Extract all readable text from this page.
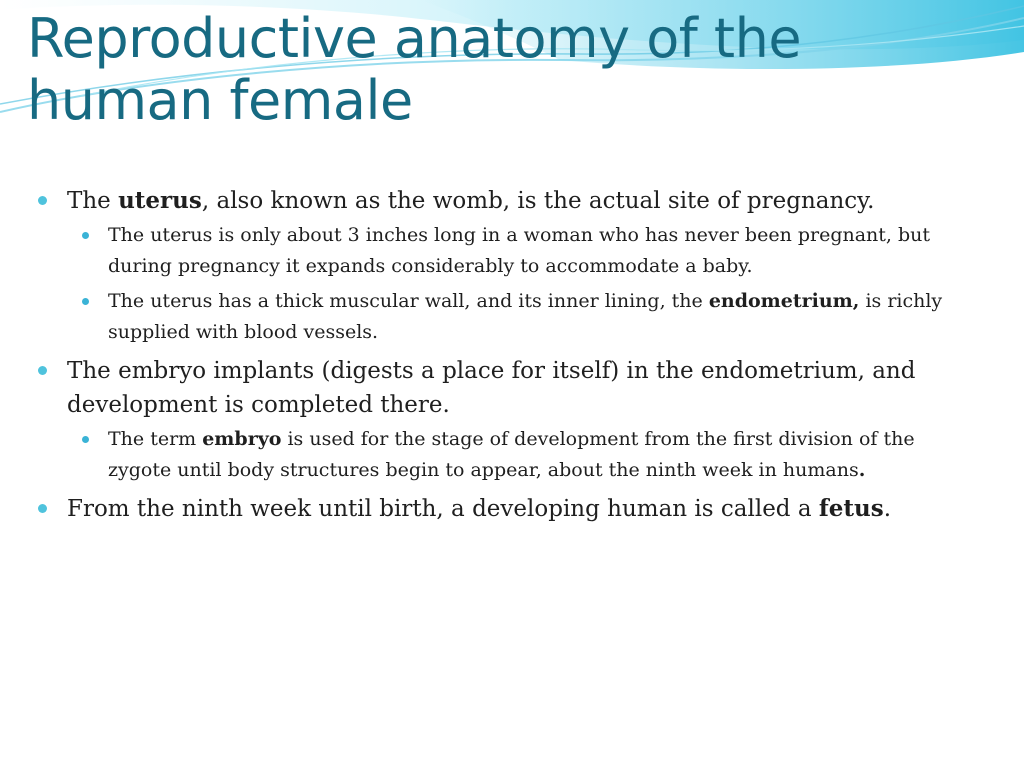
Reproductive anatomy of the
human female
The uterus, also known as the womb, is the actual site of pregnancy.
The uterus is only about 3 inches long in a woman who has never been pregnant, but during pregnancy it expands considerably to accommodate a baby.
The uterus has a thick muscular wall, and its inner lining, the endometrium, is richly supplied with blood vessels.
The embryo implants (digests a place for itself) in the endometrium, and development is completed there.
The term embryo is used for the stage of development from the first division of the zygote until body structures begin to appear, about the ninth week in humans.
From the ninth week until birth, a developing human is called a fetus.
